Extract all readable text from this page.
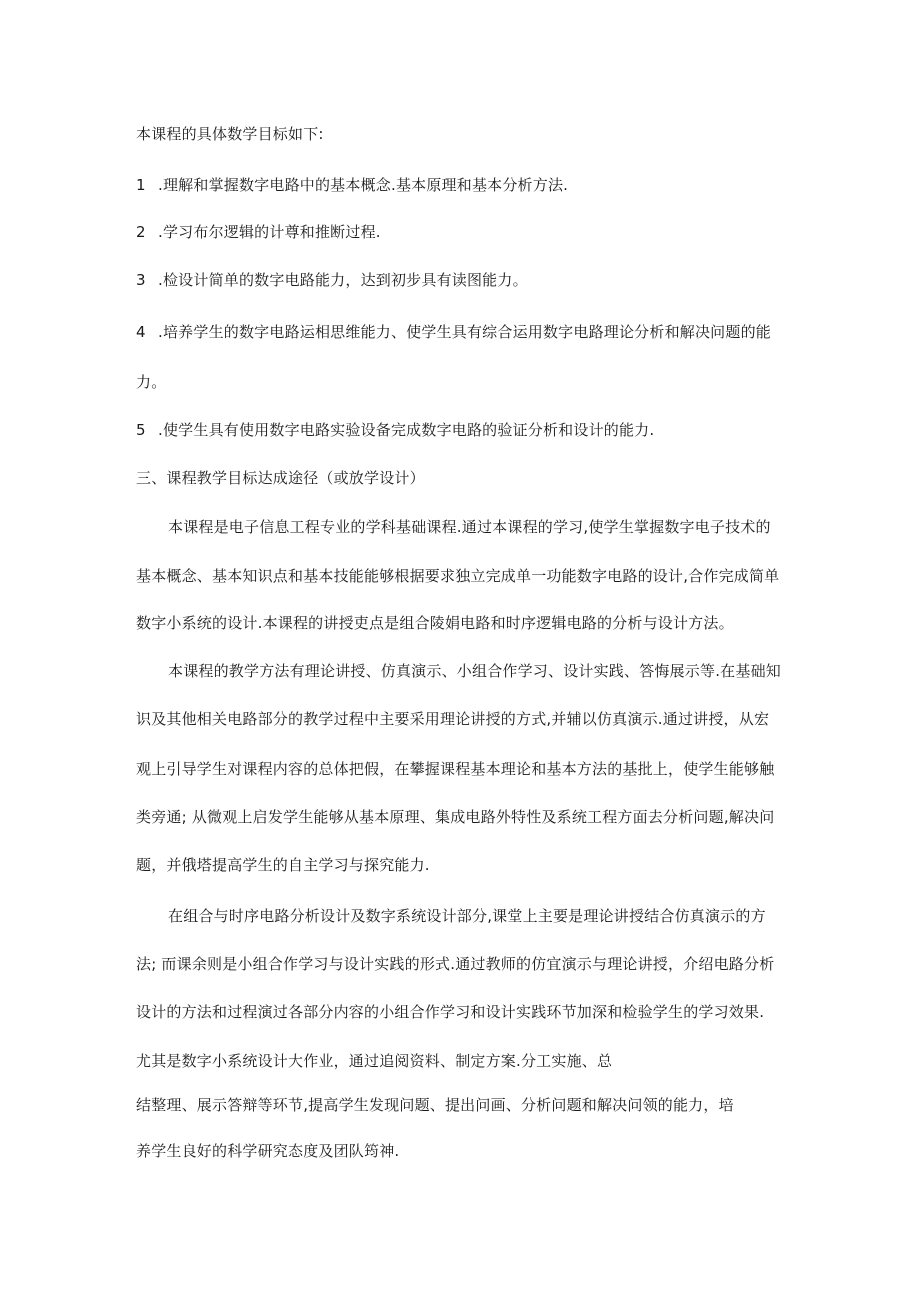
本课程的具体数学目标如下:
1 .理解和掌握数字电路中的基本概念.基本原理和基本分析方法.
2 .学习布尔逻辑的计尊和推断过程.
3 .检设计简单的数字电路能力，达到初步具有读图能力。
4 .培养学生的数字电路运相思维能力、使学生具有综合运用数字电路理论分析和解决问题的能
力。
5 .使学生具有使用数字电路实验设备完成数字电路的验证分析和设计的能力.
三、课程教学目标达成途径（或放学设计）
本课程是电子信息工程专业的学科基础课程.通过本课程的学习,使学生掌握数字电子技术的
基本概念、基本知识点和基本技能能够根据要求独立完成单一功能数字电路的设计,合作完成简单
数字小系统的设计.本课程的讲授吏点是组合陵娟电路和时序逻辑电路的分析与设计方法。
本课程的教学方法有理论讲授、仿真演示、小组合作学习、设计实践、答悔展示等.在基础知
识及其他相关电路部分的教学过程中主要采用理论讲授的方式,并辅以仿真演示.通过讲授，从宏
观上引导学生对课程内容的总体把假，在攀握课程基本理论和基本方法的基批上，使学生能够触
类旁通; 从微观上启发学生能够从基本原理、集成电路外特性及系统工程方面去分析问题,解决问
题，并俄塔提高学生的自主学习与探究能力.
在组合与时序电路分析设计及数字系统设计部分,课堂上主要是理论讲授结合仿真演示的方
法; 而课余则是小组合作学习与设计实践的形式.通过教师的仿宜演示与理论讲授，介绍电路分析
设计的方法和过程演过各部分内容的小组合作学习和设计实践环节加深和检验学生的学习效果.
尤其是数字小系统设计大作业，通过追阅资料、制定方案.分工实施、总
结整理、展示答辩等环节,提高学生发现问题、提出问画、分析问题和解决问领的能力，培
养学生良好的科学研究态度及团队筠神.
